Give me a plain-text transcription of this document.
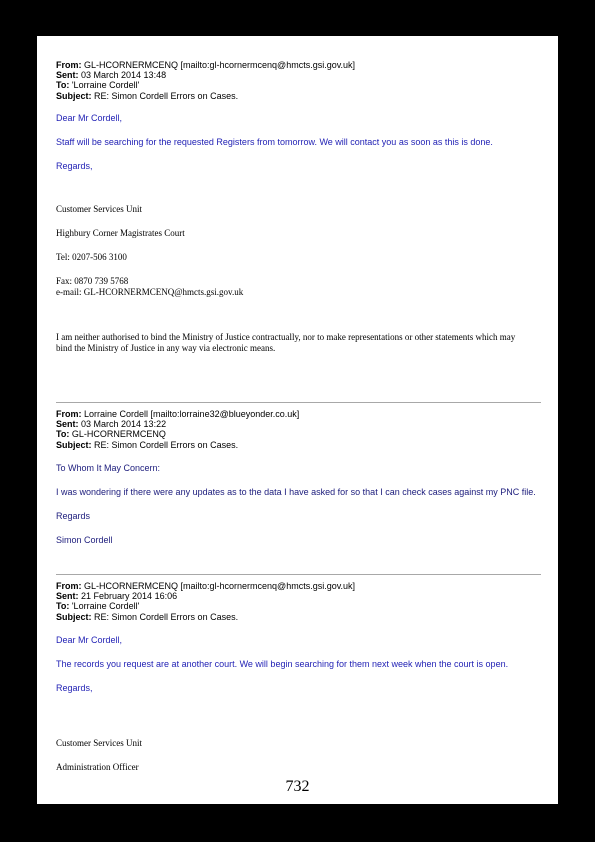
From: GL-HCORNERMCENQ [mailto:gl-hcornermcenq@hmcts.gsi.gov.uk]
Sent: 03 March 2014 13:48
To: 'Lorraine Cordell'
Subject: RE: Simon Cordell Errors on Cases.

Dear Mr Cordell,

Staff will be searching for the requested Registers from tomorrow. We will contact you as soon as this is done.

Regards,

Customer Services Unit

Highbury Corner Magistrates Court

Tel: 0207-506 3100

Fax: 0870 739 5768

e-mail: GL-HCORNERMCENQ@hmcts.gsi.gov.uk

I am neither authorised to bind the Ministry of Justice contractually, nor to make representations or other statements which may bind the Ministry of Justice in any way via electronic means.

From: Lorraine Cordell [mailto:lorraine32@blueyonder.co.uk]
Sent: 03 March 2014 13:22
To: GL-HCORNERMCENQ
Subject: RE: Simon Cordell Errors on Cases.

To Whom It May Concern:

I was wondering if there were any updates as to the data I have asked for so that I can check cases against my PNC file.

Regards

Simon Cordell

From: GL-HCORNERMCENQ [mailto:gl-hcornermcenq@hmcts.gsi.gov.uk]
Sent: 21 February 2014 16:06
To: 'Lorraine Cordell'
Subject: RE: Simon Cordell Errors on Cases.

Dear Mr Cordell,

The records you request are at another court. We will begin searching for them next week when the court is open.

Regards,

Customer Services Unit

Administration Officer

732
